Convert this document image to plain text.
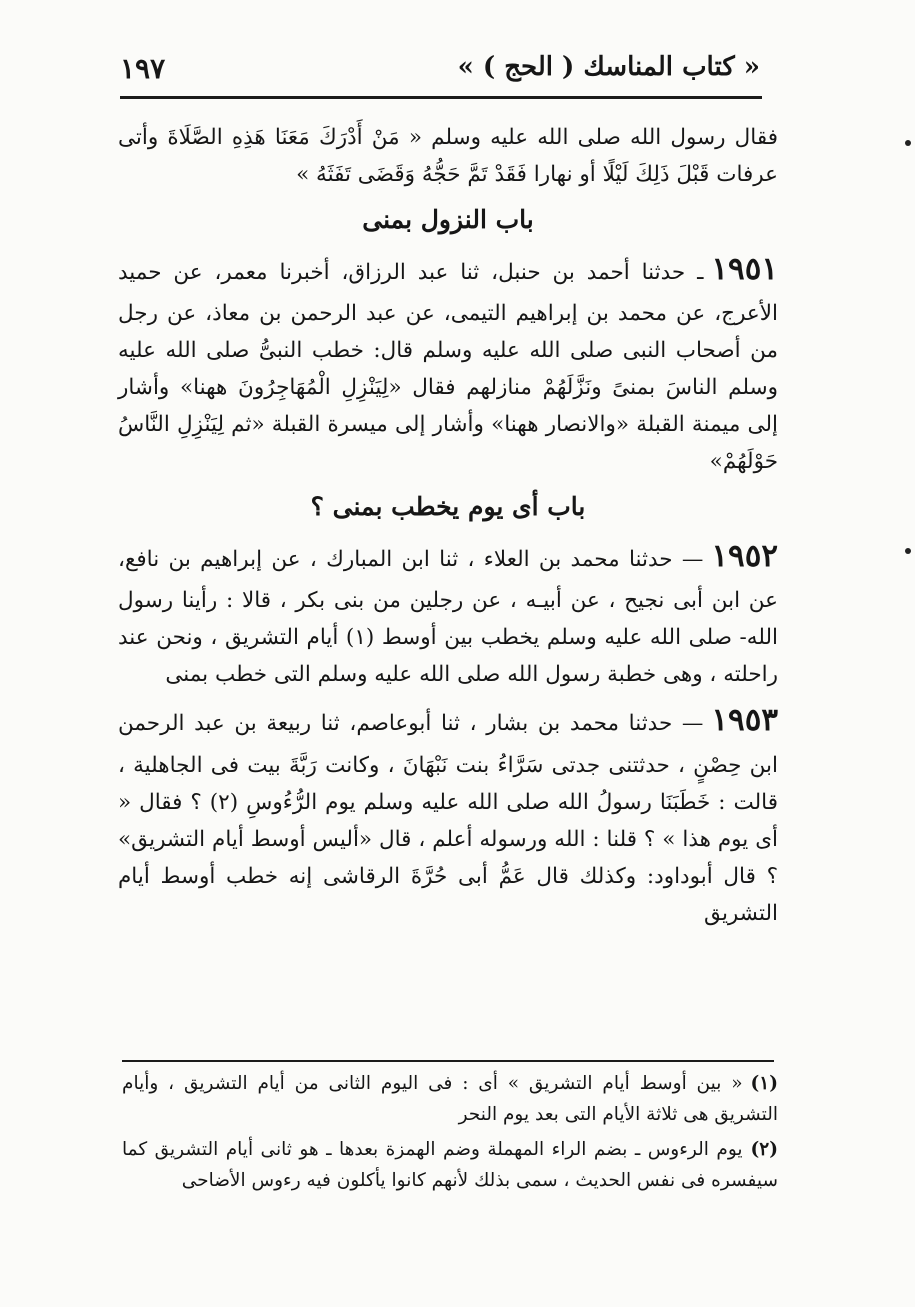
« كتاب المناسك ( الحج ) »
١٩٧

فقال رسول الله صلى الله عليه وسلم « مَنْ أَدْرَكَ مَعَنَا هَذِهِ الصَّلَاةَ وأتى عرفات قَبْلَ ذَلِكَ لَيْلًا أو نهارا فَقَدْ تَمَّ حَجُّهُ وَقَضَى تَفَثَهُ »

باب النزول بمنى

١٩٥١ـ حدثنا أحمد بن حنبل، ثنا عبد الرزاق، أخبرنا معمر، عن حميد الأعرج، عن محمد بن إبراهيم التيمى، عن عبد الرحمن بن معاذ، عن رجل من أصحاب النبى صلى الله عليه وسلم قال: خطب النبىُّ صلى الله عليه وسلم الناسَ بمنىً ونَزَّلَهُمْ منازلهم فقال «لِيَنْزِلِ الْمُهَاجِرُونَ ههنا» وأشار إلى ميمنة القبلة «والانصار ههنا» وأشار إلى ميسرة القبلة «ثم لِيَنْزِلِ النَّاسُ حَوْلَهُمْ»

باب أى يوم يخطب بمنى ؟

١٩٥٢— حدثنا محمد بن العلاء ، ثنا ابن المبارك ، عن إبراهيم بن نافع، عن ابن أبى نجيح ، عن أبيـه ، عن رجلين من بنى بكر ، قالا : رأينا رسول الله- صلى الله عليه وسلم يخطب بين أوسط (١) أيام التشريق ، ونحن عند راحلته ، وهى خطبة رسول الله صلى الله عليه وسلم التى خطب بمنى

١٩٥٣— حدثنا محمد بن بشار ، ثنا أبوعاصم، ثنا ربيعة بن عبد الرحمن ابن حِصْنٍ ، حدثتنى جدتى سَرَّاءُ بنت نَبْهَانَ ، وكانت رَبَّةَ بيت فى الجاهلية ، قالت : خَطَبَنَا رسولُ الله صلى الله عليه وسلم يوم الرُّءُوسِ (٢) ؟ فقال « أى يوم هذا » ؟ قلنا : الله ورسوله أعلم ، قال «أليس أوسط أيام التشريق» ؟ قال أبوداود: وكذلك قال عَمُّ أبى حُرَّةَ الرقاشى إنه خطب أوسط أيام التشريق

(١)« بين أوسط أيام التشريق » أى : فى اليوم الثانى من أيام التشريق ، وأيام التشريق هى ثلاثة الأيام التى بعد يوم النحر

(٢)يوم الرءوس ـ بضم الراء المهملة وضم الهمزة بعدها ـ هو ثانى أيام التشريق كما سيفسره فى نفس الحديث ، سمى بذلك لأنهم كانوا يأكلون فيه رءوس الأضاحى
